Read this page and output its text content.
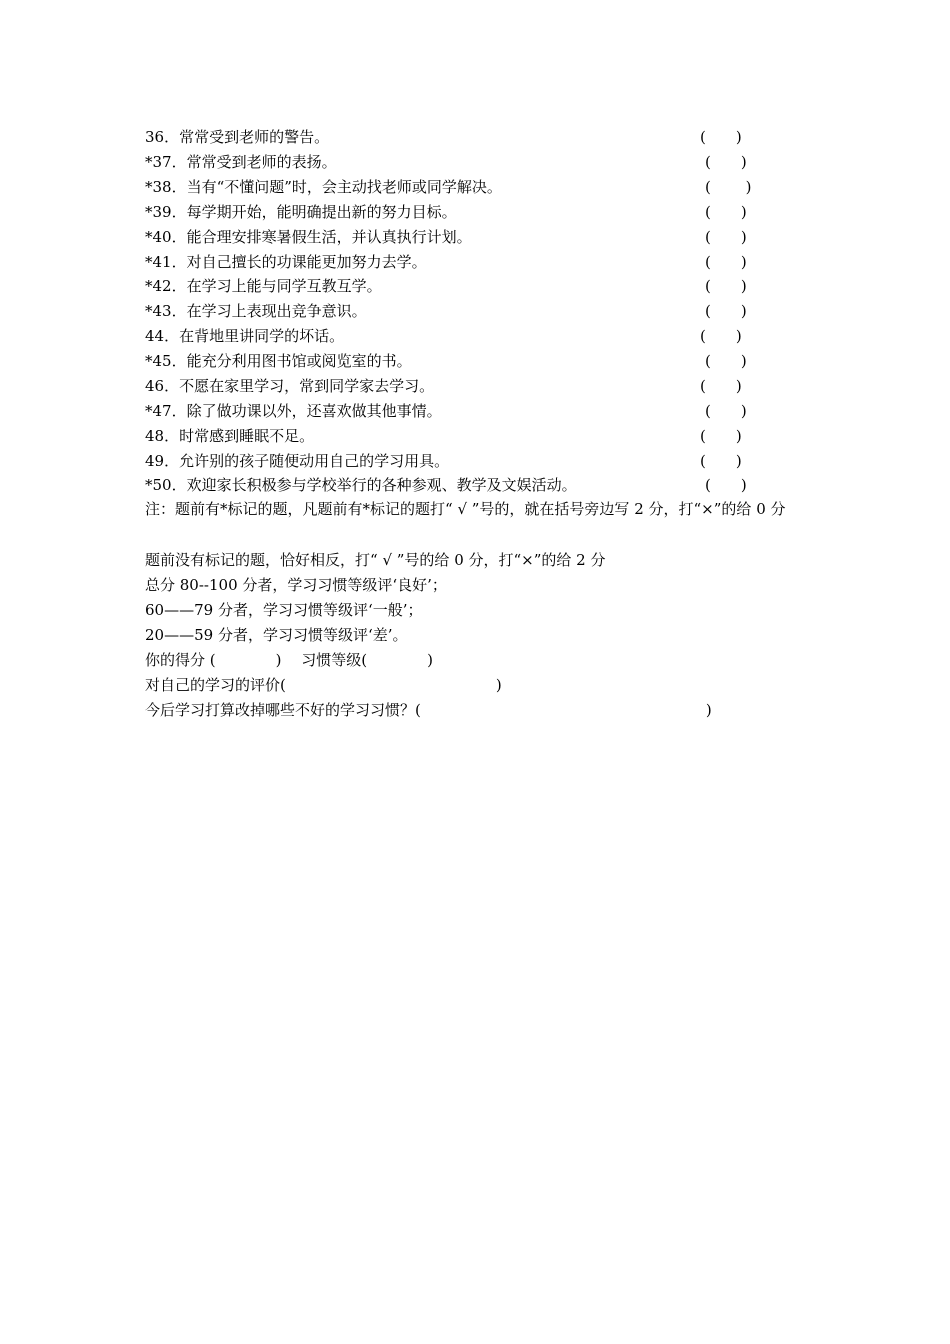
36．常常受到老师的警告。	(　　)
*37．常常受到老师的表扬。	(　　)
*38．当有“不懂问题”时，会主动找老师或同学解决。	(　　 )
*39．每学期开始，能明确提出新的努力目标。	(　　)
*40．能合理安排寒暑假生活，并认真执行计划。	(　　)
*41．对自己擅长的功课能更加努力去学。	(　　)
*42．在学习上能与同学互教互学。	(　　)
*43．在学习上表现出竞争意识。	(　　)
44．在背地里讲同学的坏话。	(　　)
*45．能充分利用图书馆或阅览室的书。	(　　)
46．不愿在家里学习，常到同学家去学习。	(　　)
*47．除了做功课以外，还喜欢做其他事情。	(　　)
48．时常感到睡眠不足。	(　　)
49．允许别的孩子随便动用自己的学习用具。	(　　)
*50．欢迎家长积极参与学校举行的各种参观、教学及文娱活动。	(　　)
注：题前有*标记的题，凡题前有*标记的题打“ √ ”号的，就在括号旁边写 2 分，打“×”的给 0 分
题前没有标记的题，恰好相反，打“ √ ”号的给 0 分，打“×”的给 2 分
总分 80--100 分者，学习习惯等级评‘良好’；
60——79 分者，学习习惯等级评‘一般’；
20——59 分者，学习习惯等级评‘差’。
你的得分 (　　　　)　 习惯等级(　　　　)
对自己的学习的评价(　　　　　　　　　　　　　　)
今后学习打算改掉哪些不好的学习习惯？(　　　　　　　　　　　　　　　　　　　)
